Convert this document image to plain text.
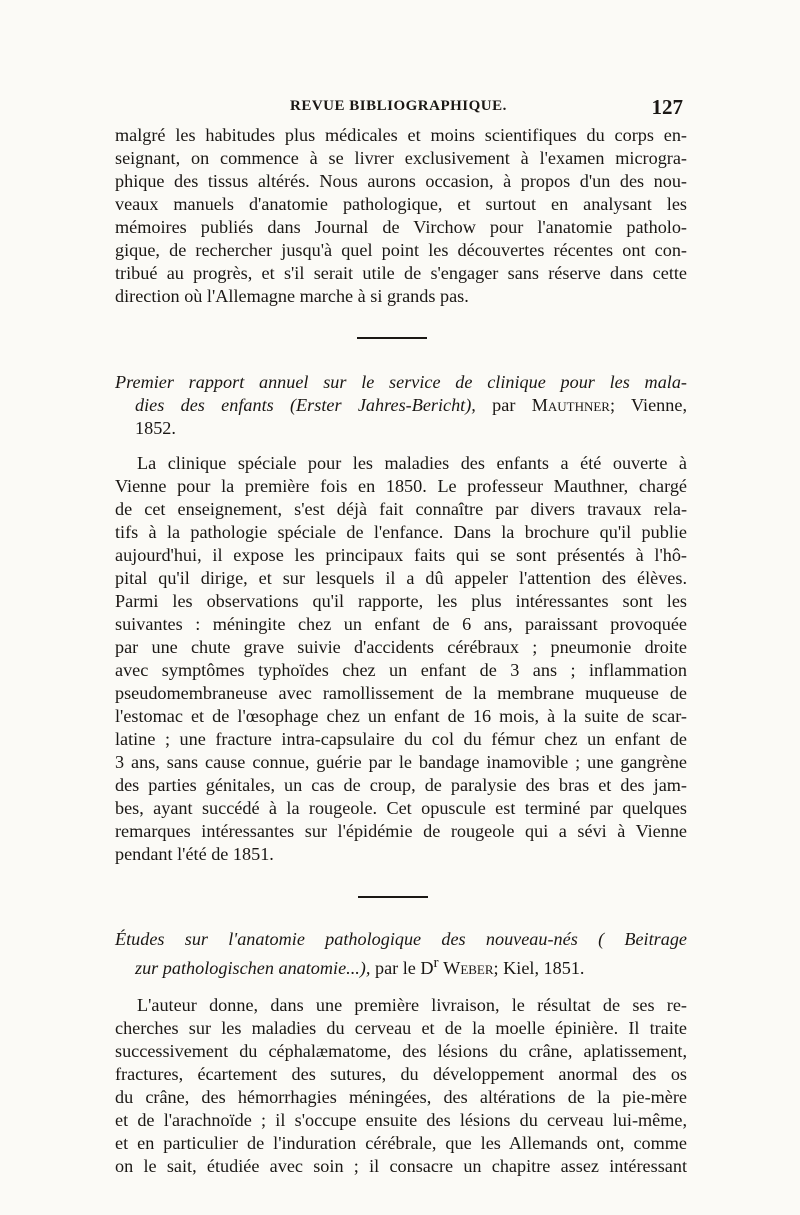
REVUE BIBLIOGRAPHIQUE.	127
malgré les habitudes plus médicales et moins scientifiques du corps en-
seignant, on commence à se livrer exclusivement à l'examen microgra-
phique des tissus altérés. Nous aurons occasion, à propos d'un des nou-
veaux manuels d'anatomie pathologique, et surtout en analysant les
mémoires publiés dans Journal de Virchow pour l'anatomie patholo-
gique, de rechercher jusqu'à quel point les découvertes récentes ont con-
tribué au progrès, et s'il serait utile de s'engager sans réserve dans cette
direction où l'Allemagne marche à si grands pas.
Premier rapport annuel sur le service de clinique pour les mala-
dies des enfants (Erster Jahres-Bericht), par Mauthner; Vienne,
1852.
La clinique spéciale pour les maladies des enfants a été ouverte à
Vienne pour la première fois en 1850. Le professeur Mauthner, chargé
de cet enseignement, s'est déjà fait connaître par divers travaux rela-
tifs à la pathologie spéciale de l'enfance. Dans la brochure qu'il publie
aujourd'hui, il expose les principaux faits qui se sont présentés à l'hô-
pital qu'il dirige, et sur lesquels il a dû appeler l'attention des élèves.
Parmi les observations qu'il rapporte, les plus intéressantes sont les
suivantes : méningite chez un enfant de 6 ans, paraissant provoquée
par une chute grave suivie d'accidents cérébraux ; pneumonie droite
avec symptômes typhoïdes chez un enfant de 3 ans ; inflammation
pseudomembraneuse avec ramollissement de la membrane muqueuse de
l'estomac et de l'œsophage chez un enfant de 16 mois, à la suite de scar-
latine ; une fracture intra-capsulaire du col du fémur chez un enfant de
3 ans, sans cause connue, guérie par le bandage inamovible ; une gangrène
des parties génitales, un cas de croup, de paralysie des bras et des jam-
bes, ayant succédé à la rougeole. Cet opuscule est terminé par quelques
remarques intéressantes sur l'épidémie de rougeole qui a sévi à Vienne
pendant l'été de 1851.
Études sur l'anatomie pathologique des nouveau-nés ( Beitrage
zur pathologischen anatomie...), par le $D^r$ Weber; Kiel, 1851.
L'auteur donne, dans une première livraison, le résultat de ses re-
cherches sur les maladies du cerveau et de la moelle épinière. Il traite
successivement du céphalæmatome, des lésions du crâne, aplatissement,
fractures, écartement des sutures, du développement anormal des os
du crâne, des hémorrhagies méningées, des altérations de la pie-mère
et de l'arachnoïde ; il s'occupe ensuite des lésions du cerveau lui-même,
et en particulier de l'induration cérébrale, que les Allemands ont, comme
on le sait, étudiée avec soin ; il consacre un chapitre assez intéressant
